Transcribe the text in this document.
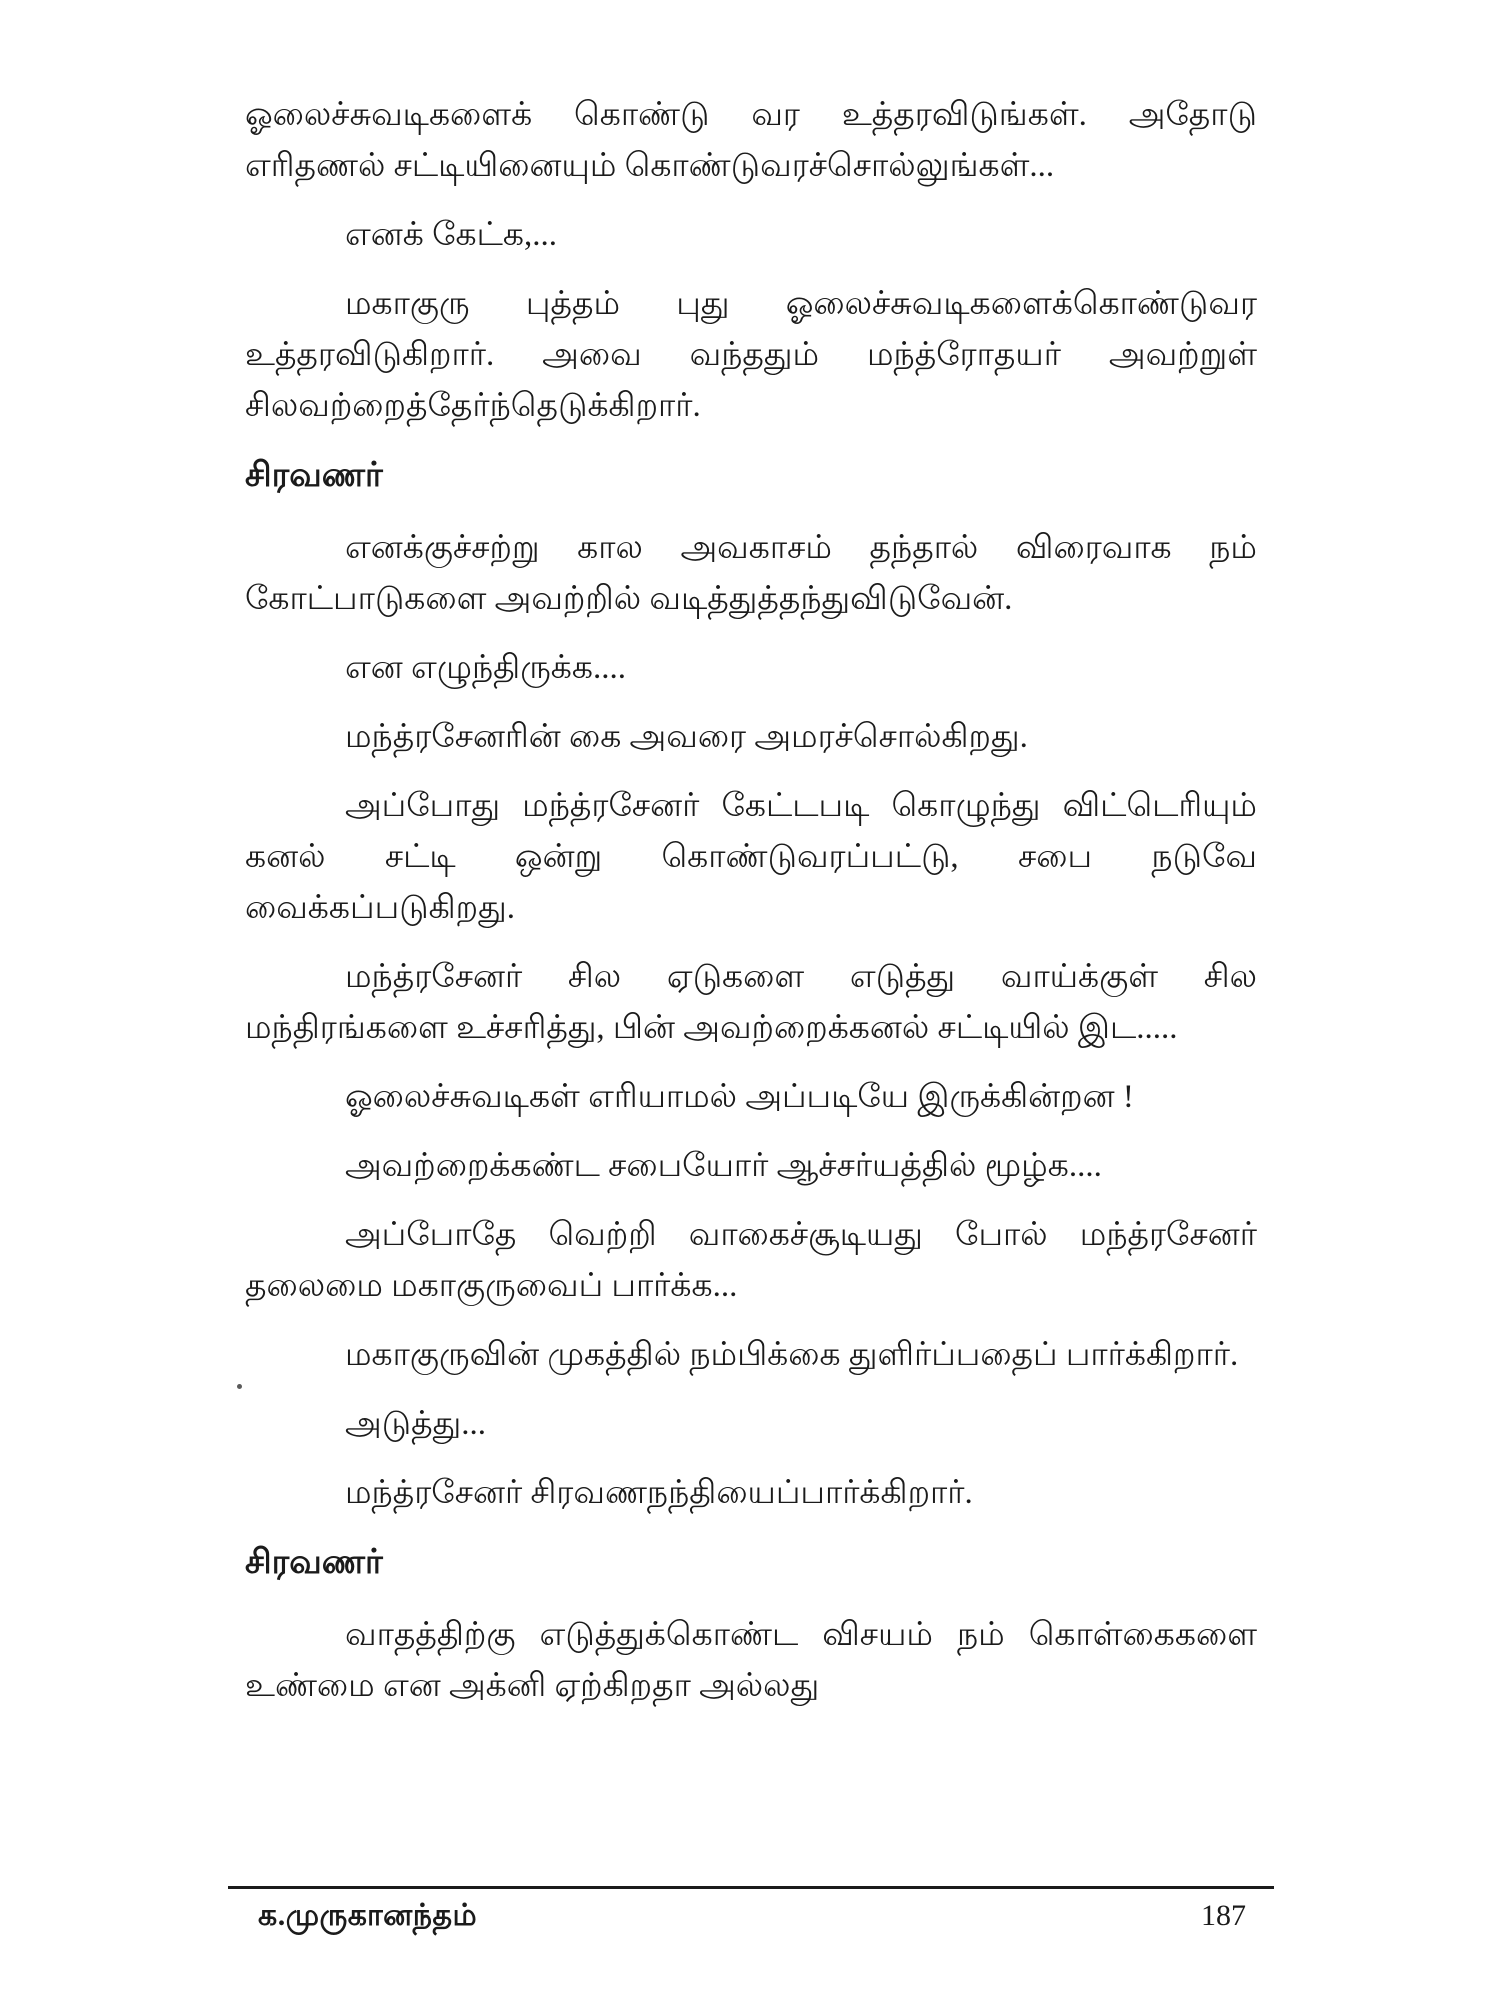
ஓலைச்சுவடிகளைக் கொண்டு வர உத்தரவிடுங்கள். அதோடு எரிதணல் சட்டியினையும் கொண்டுவரச்சொல்லுங்கள்...

எனக் கேட்க,...

மகாகுரு புத்தம் புது ஓலைச்சுவடிகளைக்கொண்டுவர உத்தரவிடுகிறார். அவை வந்ததும் மந்த்ரோதயர் அவற்றுள் சிலவற்றைத்தேர்ந்தெடுக்கிறார்.

சிரவணர்

எனக்குச்சற்று கால அவகாசம் தந்தால் விரைவாக நம் கோட்பாடுகளை அவற்றில் வடித்துத்தந்துவிடுவேன்.

என எழுந்திருக்க....

மந்த்ரசேனரின் கை அவரை அமரச்சொல்கிறது.

அப்போது மந்த்ரசேனர் கேட்டபடி கொழுந்து விட்டெரியும் கனல் சட்டி ஒன்று கொண்டுவரப்பட்டு, சபை நடுவே வைக்கப்படுகிறது.

மந்த்ரசேனர் சில ஏடுகளை எடுத்து வாய்க்குள் சில மந்திரங்களை உச்சரித்து, பின் அவற்றைக்கனல் சட்டியில் இட.....

ஓலைச்சுவடிகள் எரியாமல் அப்படியே இருக்கின்றன !

அவற்றைக்கண்ட சபையோர் ஆச்சர்யத்தில் மூழ்க....

அப்போதே வெற்றி வாகைச்சூடியது போல் மந்த்ரசேனர் தலைமை மகாகுருவைப் பார்க்க...

மகாகுருவின் முகத்தில் நம்பிக்கை துளிர்ப்பதைப் பார்க்கிறார்.

அடுத்து...

மந்த்ரசேனர் சிரவணநந்தியைப்பார்க்கிறார்.

சிரவணர்

வாதத்திற்கு எடுத்துக்கொண்ட விசயம் நம் கொள்கைகளை உண்மை என அக்னி ஏற்கிறதா அல்லது

க.முருகானந்தம்	187
